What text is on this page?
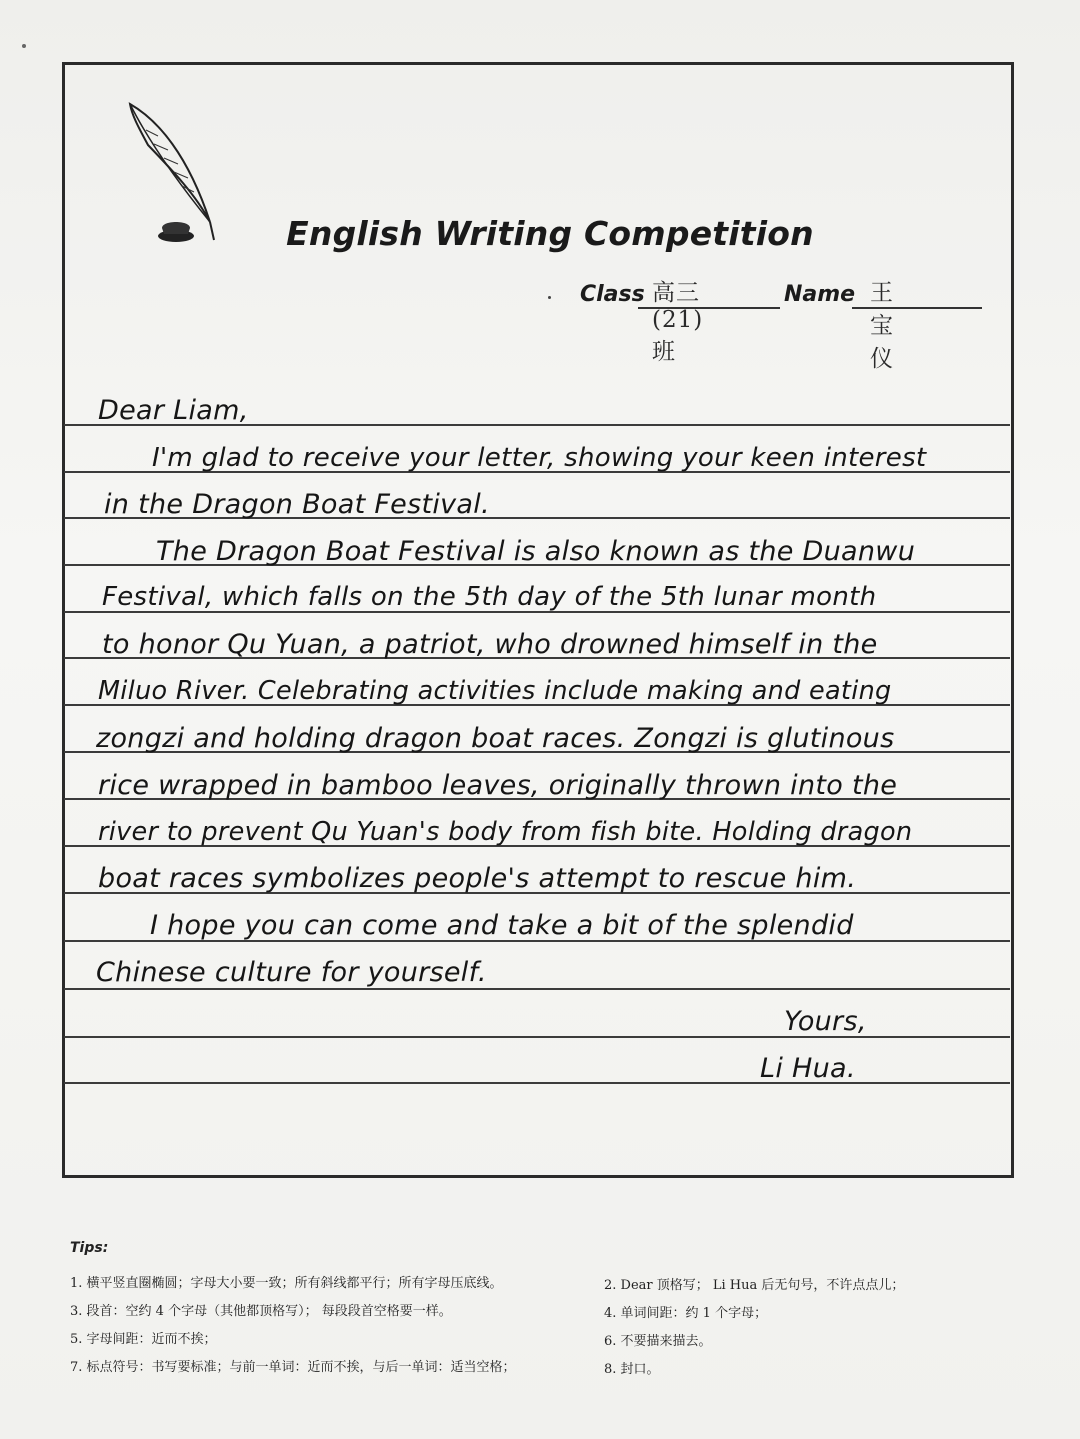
English Writing Competition
Class 高三(21)班
Name 王宝仪
Dear Liam,
I'm glad to receive your letter, showing your keen interest
in the Dragon Boat Festival.
The Dragon Boat Festival is also known as the Duanwu
Festival, which falls on the 5th day of the 5th lunar month
to honor Qu Yuan, a patriot, who drowned himself in the
Miluo River. Celebrating activities include making and eating
zongzi and holding dragon boat races. Zongzi is glutinous
rice wrapped in bamboo leaves, originally thrown into the
river to prevent Qu Yuan's body from fish bite. Holding dragon
boat races symbolizes people's attempt to rescue him.
I hope you can come and take a bit of the splendid
Chinese culture for yourself.
Yours,
Li Hua.
Tips:
1. 横平竖直圈椭圆；字母大小要一致；所有斜线都平行；所有字母压底线。	2. Dear 顶格写； Li Hua 后无句号，不许点点儿；
3. 段首：空约 4 个字母（其他都顶格写）； 每段段首空格要一样。	4. 单词间距：约 1 个字母；
5. 字母间距：近而不挨；	6. 不要描来描去。
7. 标点符号：书写要标准；与前一单词：近而不挨，与后一单词：适当空格；	8. 封口。
